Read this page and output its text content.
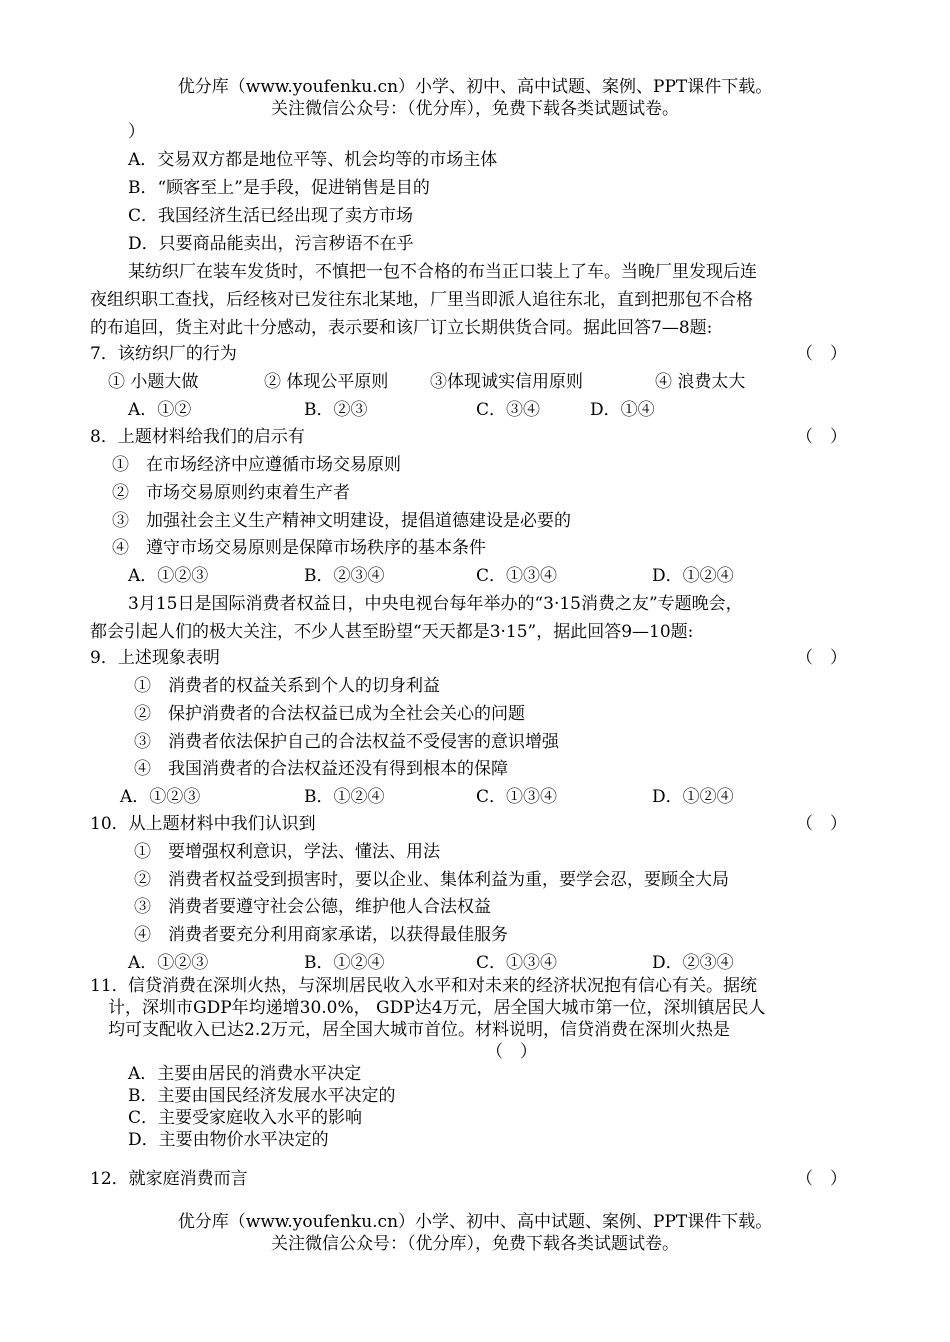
优分库（www.youfenku.cn）小学、初中、高中试题、案例、PPT课件下载。
关注微信公众号：（优分库），免费下载各类试题试卷。
）
A．交易双方都是地位平等、机会均等的市场主体
B．“顾客至上”是手段，促进销售是目的
C．我国经济生活已经出现了卖方市场
D．只要商品能卖出，污言秽语不在乎
某纺织厂在装车发货时，不慎把一包不合格的布当正口装上了车。当晚厂里发现后连
夜组织职工查找，后经核对已发往东北某地，厂里当即派人追往东北，直到把那包不合格
的布追回，货主对此十分感动，表示要和该厂订立长期供货合同。据此回答7—8题:
7．该纺织厂的行为	（　）
① 小题大做	② 体现公平原则 ③体现诚实信用原则	④ 浪费太大
A．①②	B．②③	C．③④	D．①④
8．上题材料给我们的启示有	（　）
①　在市场经济中应遵循市场交易原则
②　市场交易原则约束着生产者
③　加强社会主义生产精神文明建设，提倡道德建设是必要的
④　遵守市场交易原则是保障市场秩序的基本条件
A．①②③	B．②③④	C．①③④	D．①②④
3月15日是国际消费者权益日，中央电视台每年举办的“3·15消费之友”专题晚会，
都会引起人们的极大关注，不少人甚至盼望“天天都是3·15”，据此回答9—10题:
9．上述现象表明	（　）
①　消费者的权益关系到个人的切身利益
②　保护消费者的合法权益已成为全社会关心的问题
③　消费者依法保护自己的合法权益不受侵害的意识增强
④　我国消费者的合法权益还没有得到根本的保障
A．①②③	B．①②④	C．①③④	D．①②④
10．从上题材料中我们认识到	（　）
①　要增强权利意识，学法、懂法、用法
②　消费者权益受到损害时，要以企业、集体利益为重，要学会忍，要顾全大局
③　消费者要遵守社会公德，维护他人合法权益
④　消费者要充分利用商家承诺，以获得最佳服务
A．①②③	B．①②④	C．①③④	D．②③④
11． 信贷消费在深圳火热，与深圳居民收入水平和对未来的经济状况抱有信心有关。据统
计，深圳市GDP年均递增30.0%， GDP达4万元，居全国大城市第一位，深圳镇居民人
均可支配收入已达2.2万元，居全国大城市首位。材料说明，信贷消费在深圳火热是
（　）
A．主要由居民的消费水平决定
B．主要由国民经济发展水平决定的
C．主要受家庭收入水平的影响
D．主要由物价水平决定的
12．就家庭消费而言	（　）
优分库（www.youfenku.cn）小学、初中、高中试题、案例、PPT课件下载。
关注微信公众号：（优分库），免费下载各类试题试卷。
